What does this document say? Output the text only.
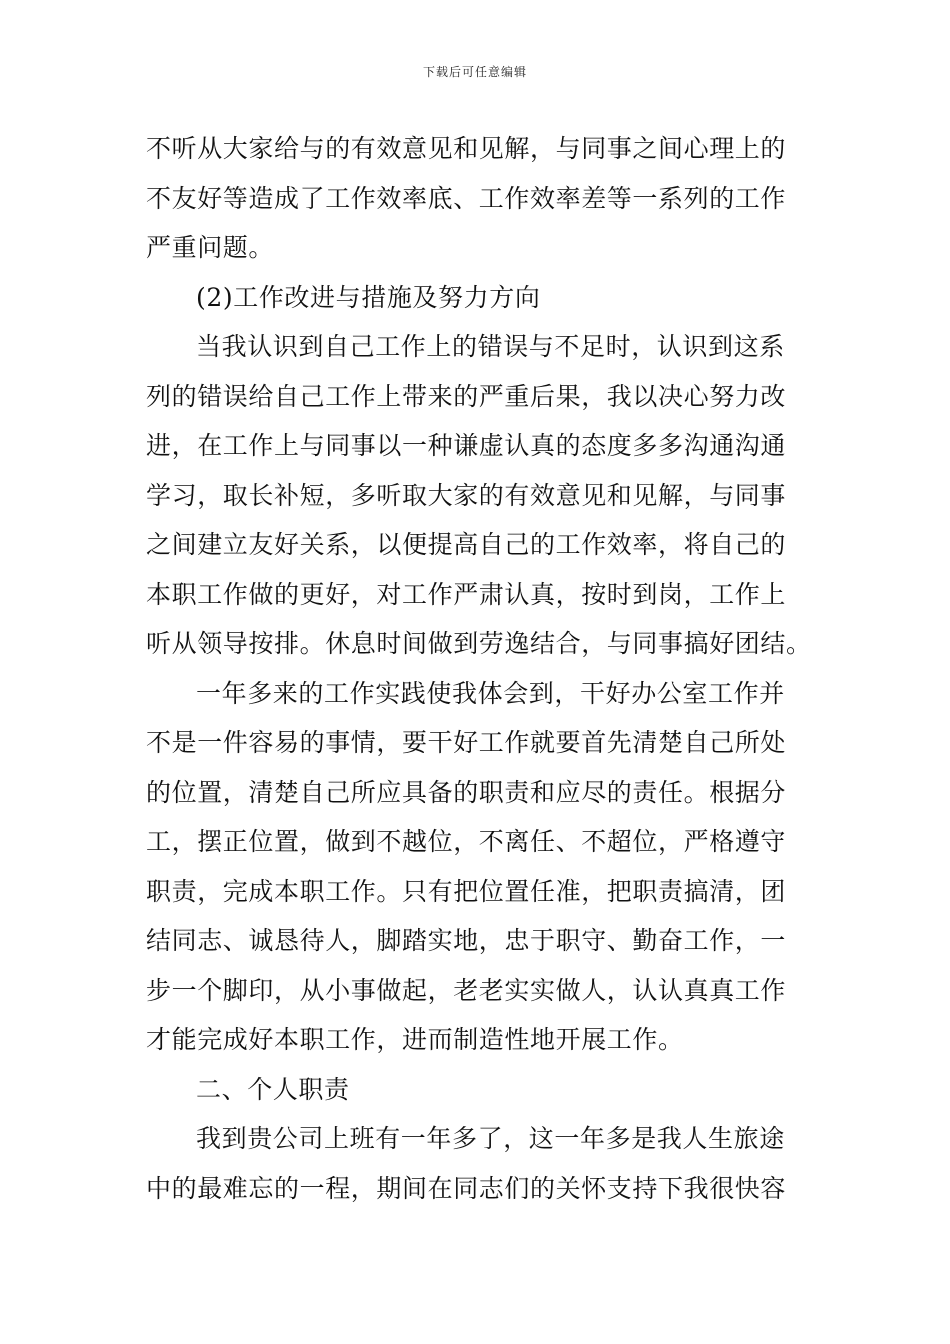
下载后可任意编辑
不听从大家给与的有效意见和见解，与同事之间心理上的
不友好等造成了工作效率底、工作效率差等一系列的工作
严重问题。
(2)工作改进与措施及努力方向
当我认识到自己工作上的错误与不足时，认识到这系
列的错误给自己工作上带来的严重后果，我以决心努力改
进，在工作上与同事以一种谦虚认真的态度多多沟通沟通
学习，取长补短，多听取大家的有效意见和见解，与同事
之间建立友好关系，以便提高自己的工作效率，将自己的
本职工作做的更好，对工作严肃认真，按时到岗，工作上
听从领导按排。休息时间做到劳逸结合，与同事搞好团结。
一年多来的工作实践使我体会到，干好办公室工作并
不是一件容易的事情，要干好工作就要首先清楚自己所处
的位置，清楚自己所应具备的职责和应尽的责任。根据分
工，摆正位置，做到不越位，不离任、不超位，严格遵守
职责，完成本职工作。只有把位置任准，把职责搞清，团
结同志、诚恳待人，脚踏实地，忠于职守、勤奋工作，一
步一个脚印，从小事做起，老老实实做人，认认真真工作
才能完成好本职工作，进而制造性地开展工作。
二、个人职责
我到贵公司上班有一年多了，这一年多是我人生旅途
中的最难忘的一程，期间在同志们的关怀支持下我很快容
